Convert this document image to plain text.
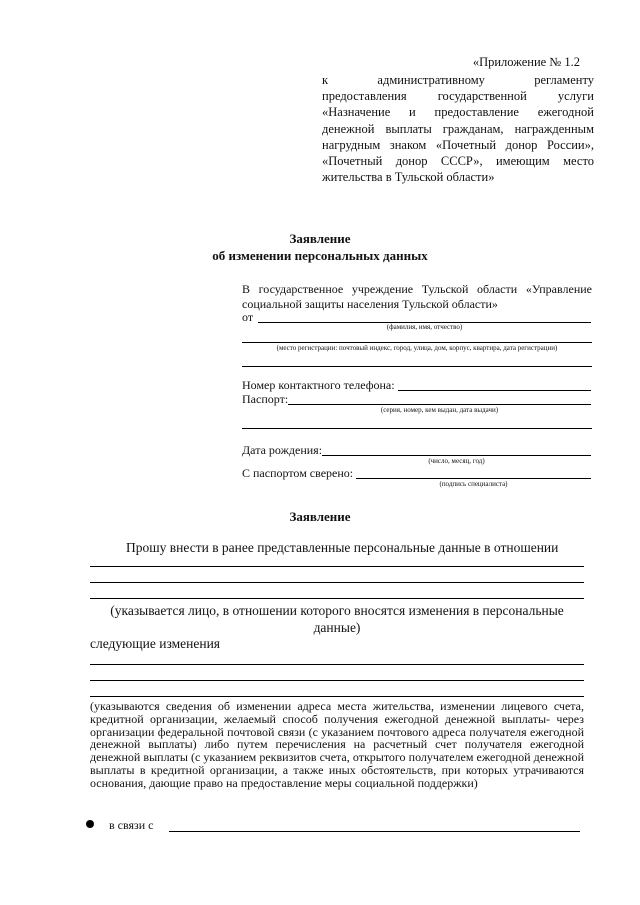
«Приложение № 1.2
к административному регламенту
предоставления государственной услуги «Назначение и предоставление ежегодной денежной выплаты гражданам, награжденным нагрудным знаком «Почетный донор России», «Почетный донор СССР», имеющим место жительства в Тульской области»
Заявление
об изменении персональных данных
В государственное учреждение Тульской области «Управление социальной защиты населения Тульской области»
от
(фамилия, имя, отчество)
(место регистрации: почтовый индекс, город, улица, дом, корпус, квартира, дата регистрации)
Номер контактного телефона:
Паспорт:
(серия, номер, кем выдан, дата выдачи)
Дата рождения:
(число, месяц, год)
С паспортом сверено:
(подпись специалиста)
Заявление
Прошу внести в ранее представленные персональные данные в отношении
(указывается лицо, в отношении которого вносятся изменения в персональные
данные)
следующие изменения
(указываются сведения об изменении адреса места жительства, изменении лицевого счета, кредитной организации, желаемый способ получения ежегодной денежной выплаты- через организации федеральной почтовой связи (с указанием почтового адреса получателя ежегодной денежной выплаты) либо путем перечисления на расчетный счет получателя ежегодной денежной выплаты (с указанием реквизитов счета, открытого получателем ежегодной денежной выплаты в кредитной организации, а также иных обстоятельств, при которых утрачиваются основания, дающие право на предоставление меры социальной поддержки)
в связи с
